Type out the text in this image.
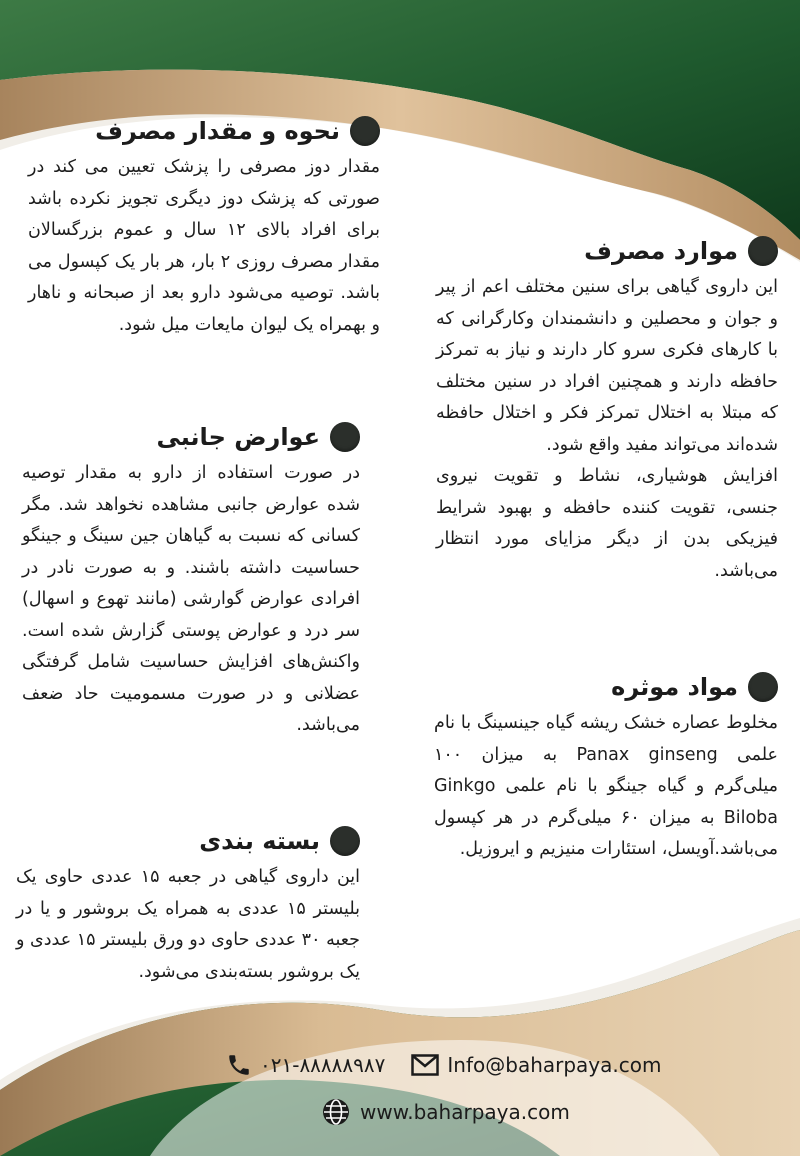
نحوه و مقدار مصرف

مقدار دوز مصرفی را پزشک تعیین می کند در صورتی که پزشک دوز دیگری تجویز نکرده باشد برای افراد بالای ۱۲ سال و عموم بزرگسالان مقدار مصرف روزی ۲ بار، هر بار یک کپسول می باشد. توصیه می‌شود دارو بعد از صبحانه و ناهار و بهمراه یک لیوان مایعات میل شود.

عوارض جانبی

در صورت استفاده از دارو به مقدار توصیه شده عوارض جانبی مشاهده نخواهد شد. مگر کسانی که نسبت به گیاهان جین سینگ و جینگو حساسیت داشته باشند. و به صورت نادر در افرادی عوارض گوارشی (مانند تهوع و اسهال) سر درد و عوارض پوستی گزارش شده است. واکنش‌های افزایش حساسیت شامل گرفتگی عضلانی و در صورت مسمومیت حاد ضعف می‌باشد.

بسته بندی

این داروی گیاهی در جعبه ۱۵ عددی حاوی یک بلیستر ۱۵ عددی به همراه یک بروشور و یا در جعبه ۳۰ عددی حاوی دو ورق بلیستر ۱۵ عددی و یک بروشور بسته‌بندی می‌شود.

موارد مصرف

این داروی گیاهی برای سنین مختلف اعم از پیر و جوان و محصلین و دانشمندان وکارگرانی که با کارهای فکری سرو کار دارند و نیاز به تمرکز حافظه دارند و همچنین افراد در سنین مختلف که مبتلا به اختلال تمرکز فکر و اختلال حافظه شده‌اند می‌تواند مفید واقع شود.

افزایش هوشیاری، نشاط و تقویت نیروی جنسی، تقویت کننده حافظه و بهبود شرایط فیزیکی بدن از دیگر مزایای مورد انتظار می‌باشد.

مواد موثره

مخلوط عصاره خشک ریشه گیاه جینسینگ با نام علمی Panax ginseng به میزان ۱۰۰ میلی‌گرم و گیاه جینگو با نام علمی Ginkgo Biloba به میزان ۶۰ میلی‌گرم در هر کپسول می‌باشد.آویسل، استئارات منیزیم و ایروزیل.

۰۲۱-۸۸۸۸۸۹۸۷	Info@baharpaya.com
www.baharpaya.com
